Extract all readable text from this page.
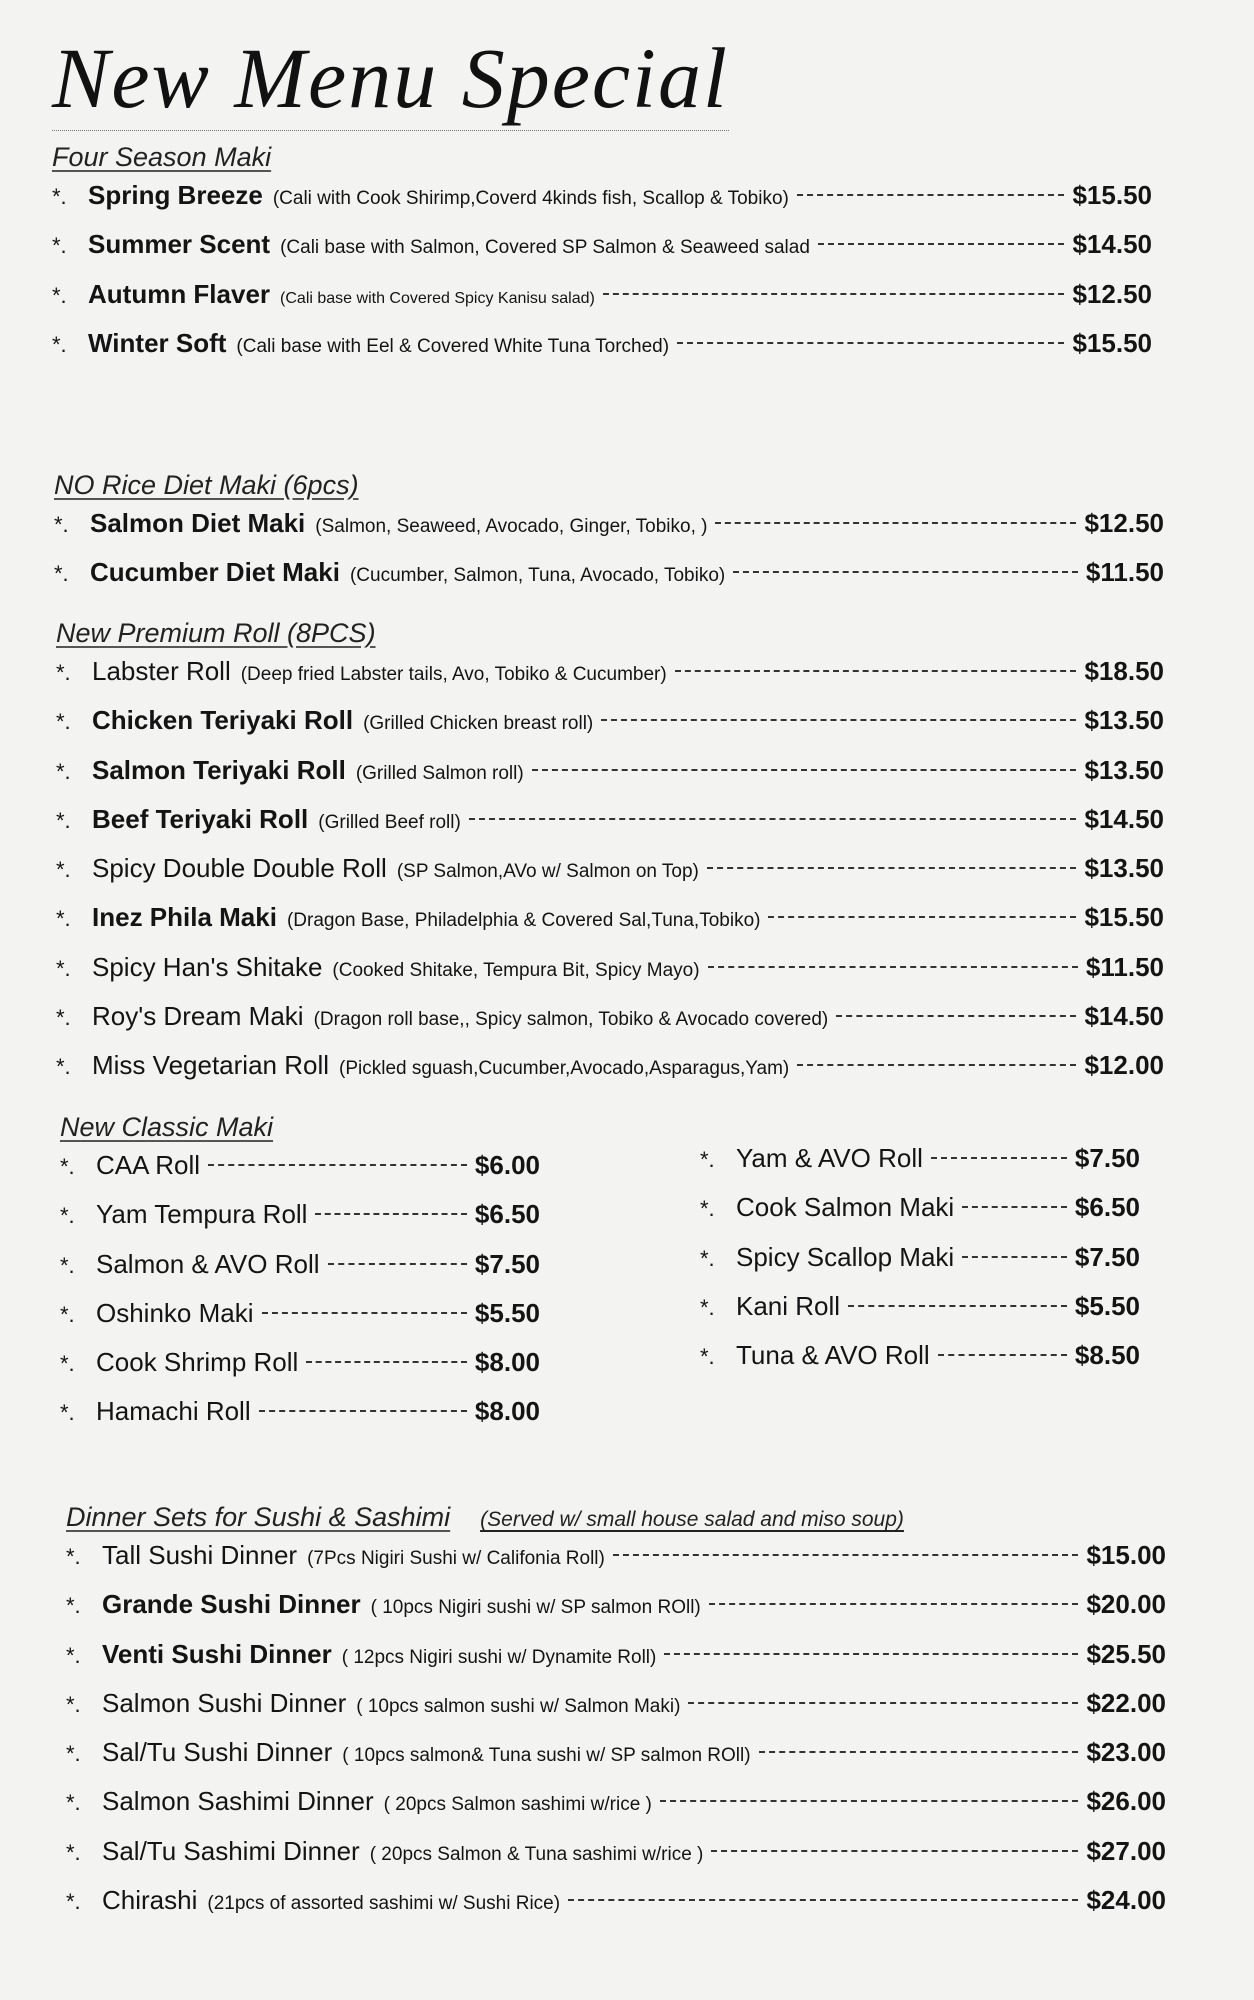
New Menu Special
Four Season Maki
*. Spring Breeze (Cali with Cook Shirimp,Coverd 4kinds fish, Scallop & Tobiko)	$15.50
*. Summer Scent (Cali base with Salmon, Covered SP Salmon & Seaweed salad	$14.50
*. Autumn Flaver (Cali base with Covered Spicy Kanisu salad)	$12.50
*. Winter Soft (Cali base with Eel & Covered White Tuna Torched)	$15.50
NO Rice Diet Maki (6pcs)
*. Salmon Diet Maki (Salmon, Seaweed, Avocado, Ginger, Tobiko, )	$12.50
*. Cucumber Diet Maki (Cucumber, Salmon, Tuna, Avocado, Tobiko)	$11.50
New Premium Roll (8PCS)
*. Labster Roll (Deep fried Labster tails, Avo, Tobiko & Cucumber)	$18.50
*. Chicken Teriyaki Roll (Grilled Chicken breast roll)	$13.50
*. Salmon Teriyaki Roll (Grilled Salmon roll)	$13.50
*. Beef Teriyaki Roll (Grilled Beef roll)	$14.50
*. Spicy Double Double Roll (SP Salmon,AVo w/ Salmon on Top)	$13.50
*. Inez Phila Maki (Dragon Base, Philadelphia & Covered Sal,Tuna,Tobiko)	$15.50
*. Spicy Han's Shitake (Cooked Shitake, Tempura Bit, Spicy Mayo)	$11.50
*. Roy's Dream Maki (Dragon roll base,, Spicy salmon, Tobiko & Avocado covered)	$14.50
*. Miss Vegetarian Roll (Pickled sguash,Cucumber,Avocado,Asparagus,Yam)	$12.00
New Classic Maki
*. CAA Roll	$6.00
*. Yam Tempura Roll	$6.50
*. Salmon & AVO Roll	$7.50
*. Oshinko Maki	$5.50
*. Cook Shrimp Roll	$8.00
*. Hamachi Roll	$8.00
*. Yam & AVO Roll	$7.50
*. Cook Salmon Maki	$6.50
*. Spicy Scallop Maki	$7.50
*. Kani Roll	$5.50
*. Tuna & AVO Roll	$8.50
Dinner Sets for Sushi & Sashimi (Served w/ small house salad and miso soup)
*. Tall Sushi Dinner (7Pcs Nigiri Sushi w/ Califonia Roll)	$15.00
*. Grande Sushi Dinner ( 10pcs Nigiri sushi w/ SP salmon ROll)	$20.00
*. Venti Sushi Dinner ( 12pcs Nigiri sushi w/ Dynamite Roll)	$25.50
*. Salmon Sushi Dinner ( 10pcs salmon sushi w/ Salmon Maki)	$22.00
*. Sal/Tu Sushi Dinner ( 10pcs salmon& Tuna sushi w/ SP salmon ROll)	$23.00
*. Salmon Sashimi Dinner ( 20pcs Salmon sashimi w/rice )	$26.00
*. Sal/Tu Sashimi Dinner ( 20pcs Salmon & Tuna sashimi w/rice )	$27.00
*. Chirashi (21pcs of assorted sashimi w/ Sushi Rice)	$24.00
